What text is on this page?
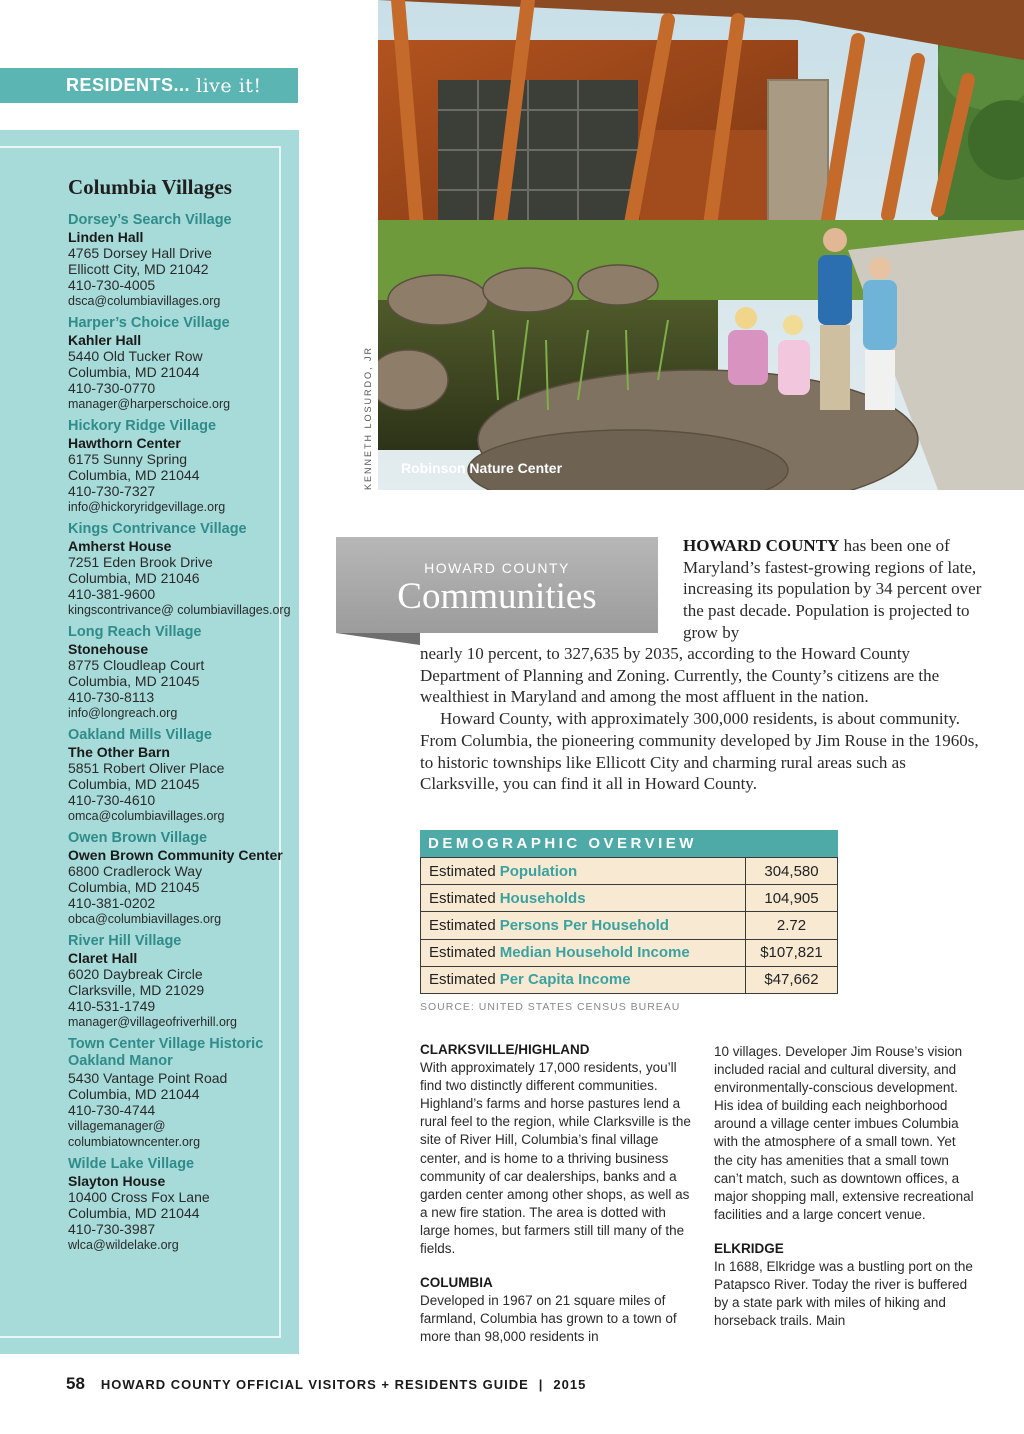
RESIDENTS... live it!
Columbia Villages
Dorsey’s Search Village
Linden Hall
4765 Dorsey Hall Drive
Ellicott City, MD 21042
410-730-4005
dsca@columbiavillages.org
Harper’s Choice Village
Kahler Hall
5440 Old Tucker Row
Columbia, MD 21044
410-730-0770
manager@harperschoice.org
Hickory Ridge Village
Hawthorn Center
6175 Sunny Spring
Columbia, MD 21044
410-730-7327
info@hickoryridgevillage.org
Kings Contrivance Village
Amherst House
7251 Eden Brook Drive
Columbia, MD 21046
410-381-9600
kingscontrivance@ columbiavillages.org
Long Reach Village
Stonehouse
8775 Cloudleap Court
Columbia, MD 21045
410-730-8113
info@longreach.org
Oakland Mills Village
The Other Barn
5851 Robert Oliver Place
Columbia, MD 21045
410-730-4610
omca@columbiavillages.org
Owen Brown Village
Owen Brown Community Center
6800 Cradlerock Way
Columbia, MD 21045
410-381-0202
obca@columbiavillages.org
River Hill Village
Claret Hall
6020 Daybreak Circle
Clarksville, MD 21029
410-531-1749
manager@villageofriverhill.org
Town Center Village Historic Oakland Manor
5430 Vantage Point Road
Columbia, MD 21044
410-730-4744
villagemanager@ columbiatowncenter.org
Wilde Lake Village
Slayton House
10400 Cross Fox Lane
Columbia, MD 21044
410-730-3987
wlca@wildelake.org
Robinson Nature Center
KENNETH LOSURDO, JR
HOWARD COUNTY
Communities
HOWARD COUNTY has been one of Maryland’s fastest-growing regions of late, increasing its population by 34 percent over the past decade. Population is projected to grow by

nearly 10 percent, to 327,635 by 2035, according to the Howard County Department of Planning and Zoning. Currently, the County’s citizens are the wealthiest in Maryland and among the most affluent in the nation.

Howard County, with approximately 300,000 residents, is about community. From Columbia, the pioneering community developed by Jim Rouse in the 1960s, to historic townships like Ellicott City and charming rural areas such as Clarksville, you can find it all in Howard County.

DEMOGRAPHIC OVERVIEW
Estimated Population	304,580
Estimated Households	104,905
Estimated Persons Per Household	2.72
Estimated Median Household Income	$107,821
Estimated Per Capita Income	$47,662
SOURCE: UNITED STATES CENSUS BUREAU
CLARKSVILLE/HIGHLAND

With approximately 17,000 residents, you’ll find two distinctly different communities. Highland’s farms and horse pastures lend a rural feel to the region, while Clarksville is the site of River Hill, Columbia’s final village center, and is home to a thriving business community of car dealerships, banks and a garden center among other shops, as well as a new fire station. The area is dotted with large homes, but farmers still till many of the fields.

COLUMBIA

Developed in 1967 on 21 square miles of farmland, Columbia has grown to a town of more than 98,000 residents in

10 villages. Developer Jim Rouse’s vision included racial and cultural diversity, and environmentally-conscious development. His idea of building each neighborhood around a village center imbues Columbia with the atmosphere of a small town. Yet the city has amenities that a small town can’t match, such as downtown offices, a major shopping mall, extensive recreational facilities and a large concert venue.

ELKRIDGE

In 1688, Elkridge was a bustling port on the Patapsco River. Today the river is buffered by a state park with miles of hiking and horseback trails. Main

58 HOWARD COUNTY OFFICIAL VISITORS + RESIDENTS GUIDE | 2015
